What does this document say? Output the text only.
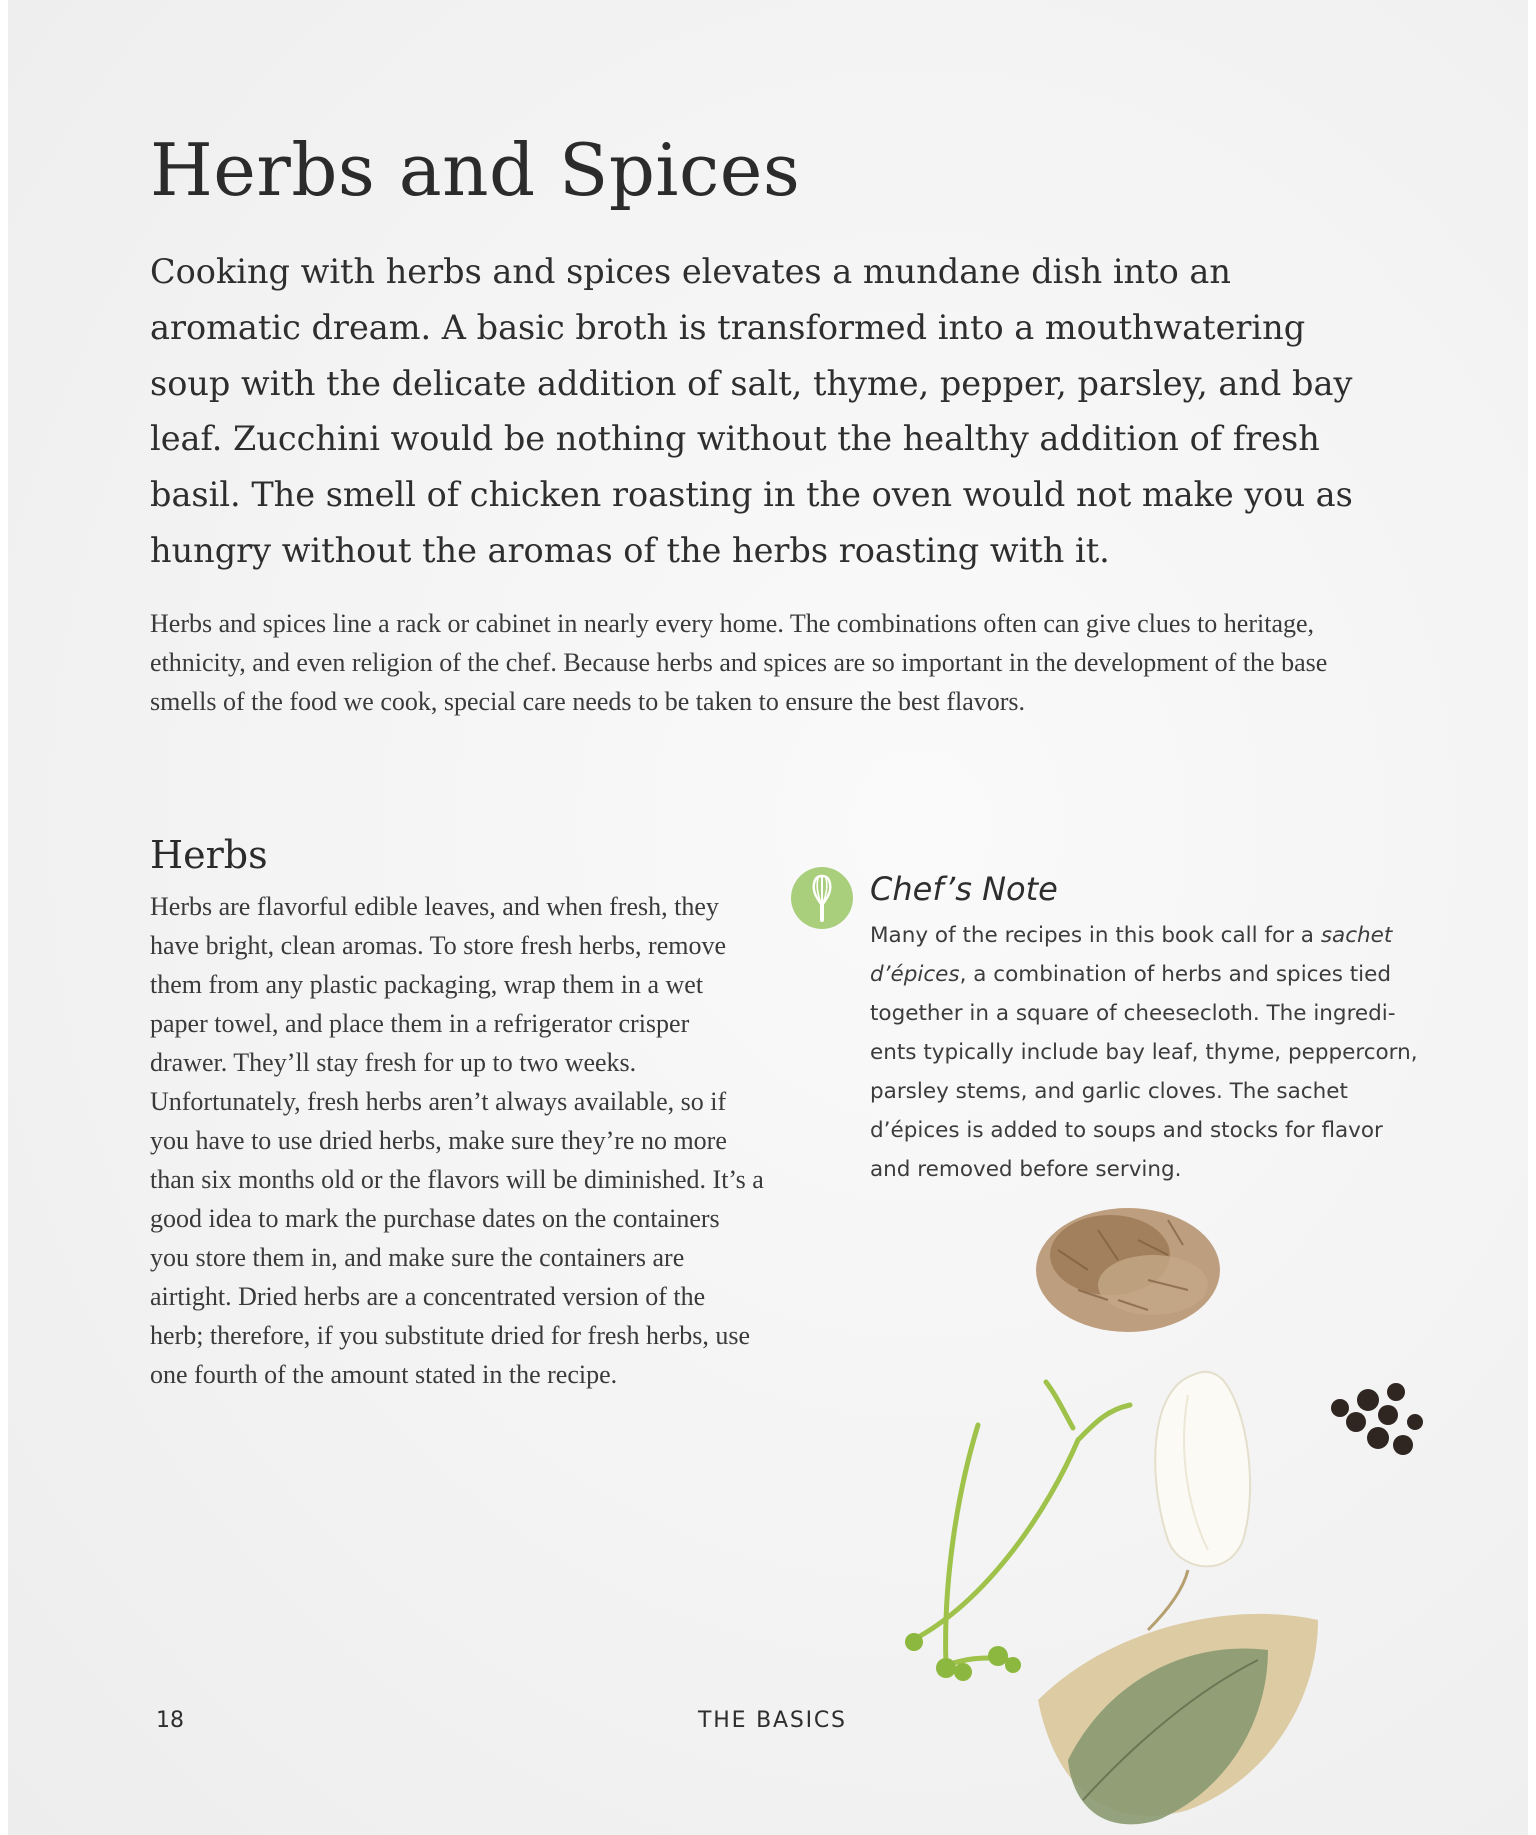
Herbs and Spices

Cooking with herbs and spices elevates a mundane dish into an aromatic dream. A basic broth is transformed into a mouthwatering soup with the delicate addition of salt, thyme, pepper, parsley, and bay leaf. Zucchini would be nothing without the healthy addition of fresh basil. The smell of chicken roasting in the oven would not make you as hungry without the aromas of the herbs roasting with it.

Herbs and spices line a rack or cabinet in nearly every home. The combinations often can give clues to heritage, ethnicity, and even religion of the chef. Because herbs and spices are so important in the development of the base smells of the food we cook, special care needs to be taken to ensure the best flavors.

Herbs

Herbs are flavorful edible leaves, and when fresh, they have bright, clean aromas. To store fresh herbs, remove them from any plastic packaging, wrap them in a wet paper towel, and place them in a refrigerator crisper drawer. They’ll stay fresh for up to two weeks. Unfortunately, fresh herbs aren’t always available, so if you have to use dried herbs, make sure they’re no more than six months old or the flavors will be diminished. It’s a good idea to mark the purchase dates on the containers you store them in, and make sure the containers are airtight. Dried herbs are a concentrated version of the herb; therefore, if you substitute dried for fresh herbs, use one fourth of the amount stated in the recipe.

Chef’s Note

Many of the recipes in this book call for a sachet d’épices, a combination of herbs and spices tied together in a square of cheesecloth. The ingredi-ents typically include bay leaf, thyme, peppercorn, parsley stems, and garlic cloves. The sachet d’épices is added to soups and stocks for flavor and removed before serving.

18	THE BASICS
